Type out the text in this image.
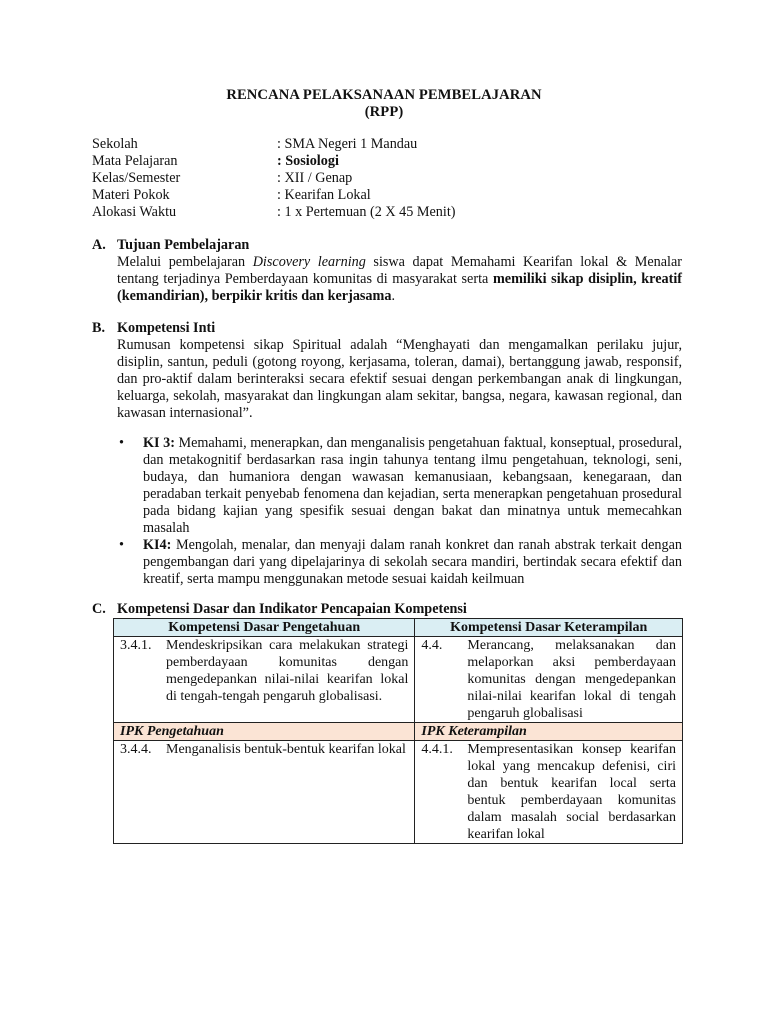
RENCANA PELAKSANAAN PEMBELAJARAN
(RPP)
Sekolah	: SMA Negeri 1 Mandau
Mata Pelajaran	: Sosiologi
Kelas/Semester	: XII / Genap
Materi Pokok	: Kearifan Lokal
Alokasi Waktu	: 1 x Pertemuan (2 X 45 Menit)
A. Tujuan Pembelajaran

Melalui pembelajaran Discovery learning siswa dapat Memahami Kearifan lokal & Menalar tentang terjadinya Pemberdayaan komunitas di masyarakat serta memiliki sikap disiplin, kreatif (kemandirian), berpikir kritis dan kerjasama.

B. Kompetensi Inti

Rumusan kompetensi sikap Spiritual adalah “Menghayati dan mengamalkan perilaku jujur, disiplin, santun, peduli (gotong royong, kerjasama, toleran, damai), bertanggung jawab, responsif, dan pro-aktif dalam berinteraksi secara efektif sesuai dengan perkembangan anak di lingkungan, keluarga, sekolah, masyarakat dan lingkungan alam sekitar, bangsa, negara, kawasan regional, dan kawasan internasional”.

• KI 3: Memahami, menerapkan, dan menganalisis pengetahuan faktual, konseptual, prosedural, dan metakognitif berdasarkan rasa ingin tahunya tentang ilmu pengetahuan, teknologi, seni, budaya, dan humaniora dengan wawasan kemanusiaan, kebangsaan, kenegaraan, dan peradaban terkait penyebab fenomena dan kejadian, serta menerapkan pengetahuan prosedural pada bidang kajian yang spesifik sesuai dengan bakat dan minatnya untuk memecahkan masalah
• KI4: Mengolah, menalar, dan menyaji dalam ranah konkret dan ranah abstrak terkait dengan pengembangan dari yang dipelajarinya di sekolah secara mandiri, bertindak secara efektif dan kreatif, serta mampu menggunakan metode sesuai kaidah keilmuan
C. Kompetensi Dasar dan Indikator Pencapaian Kompetensi
Kompetensi Dasar Pengetahuan	Kompetensi Dasar Keterampilan

3.4.1. Mendeskripsikan cara melakukan strategi pemberdayaan komunitas dengan mengedepankan nilai-nilai kearifan lokal di tengah-tengah pengaruh globalisasi.	4.4. Merancang, melaksanakan dan melaporkan aksi pemberdayaan komunitas dengan mengedepankan nilai-nilai kearifan lokal di tengah pengaruh globalisasi

IPK Pengetahuan	IPK Keterampilan

3.4.4. Menganalisis bentuk-bentuk kearifan lokal	4.4.1. Mempresentasikan konsep kearifan lokal yang mencakup defenisi, ciri dan bentuk kearifan local serta bentuk pemberdayaan komunitas dalam masalah social berdasarkan kearifan lokal
